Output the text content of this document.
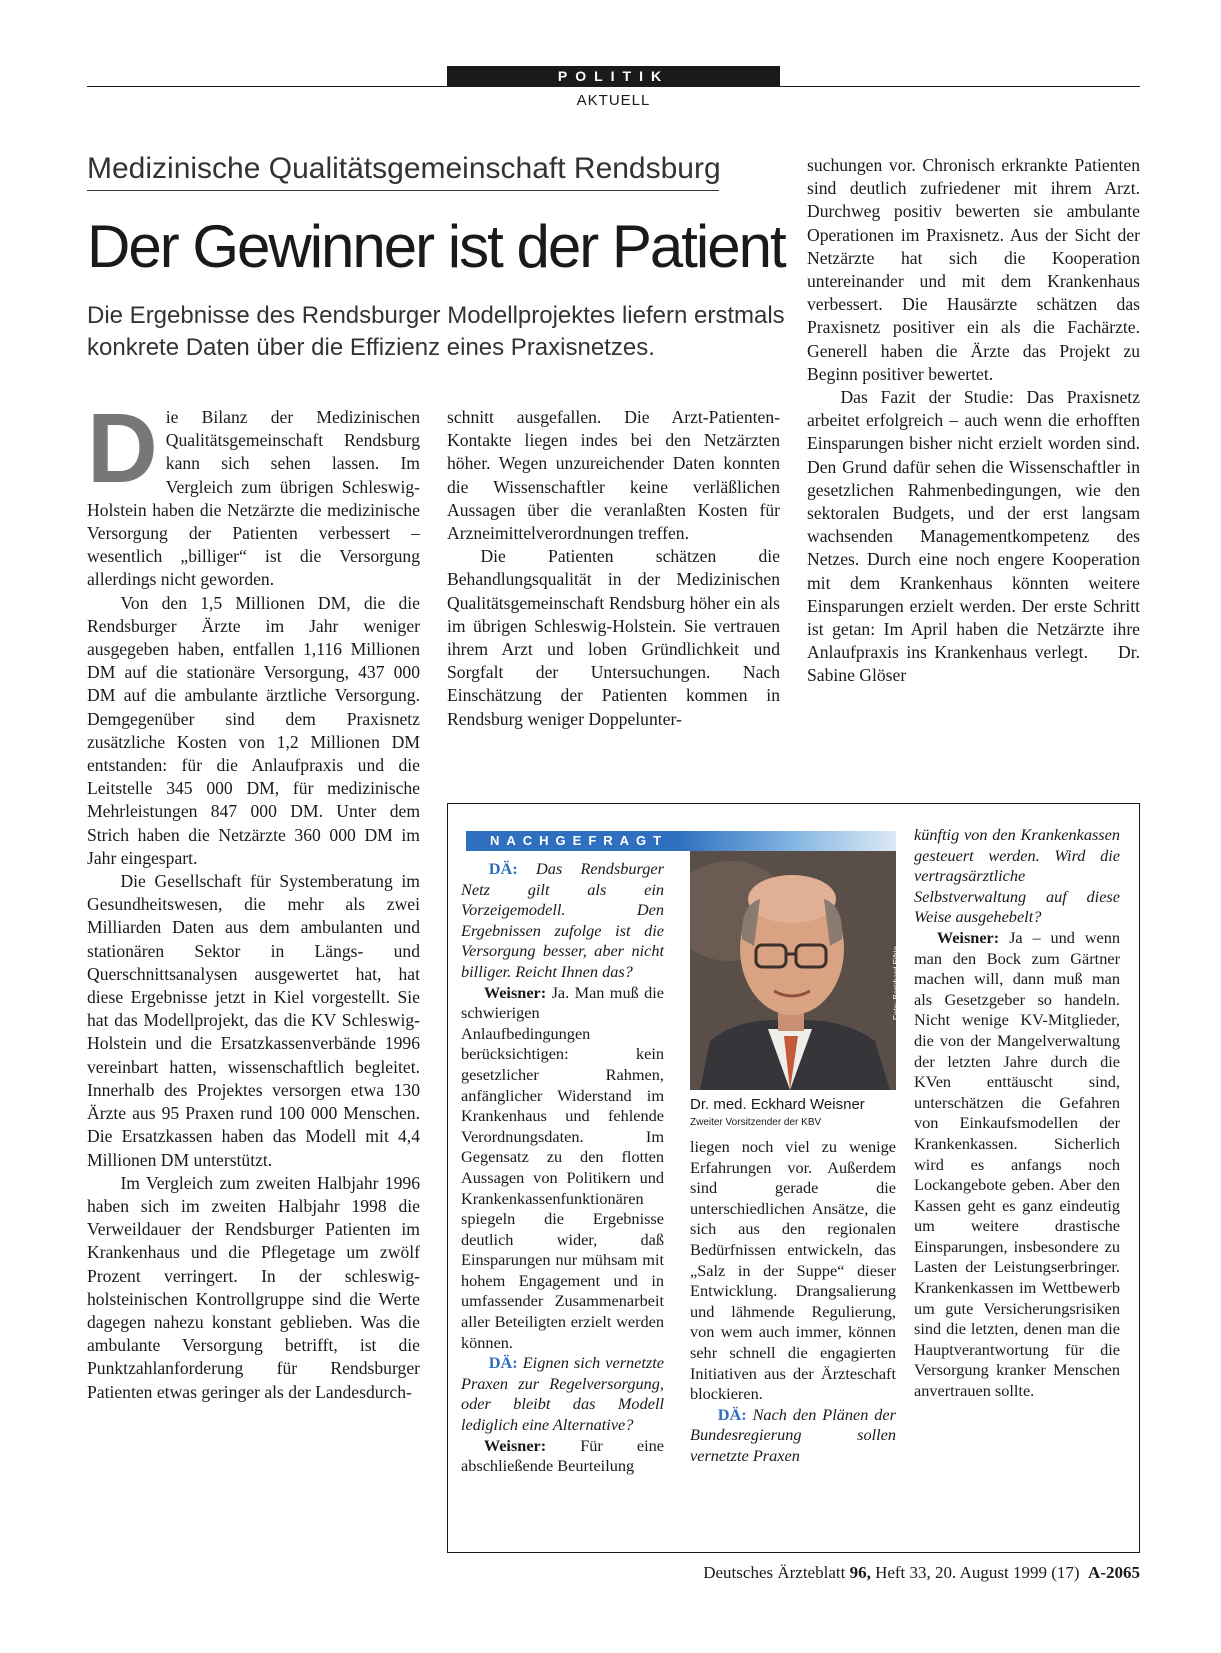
POLITIK
AKTUELL
Medizinische Qualitätsgemeinschaft Rendsburg
Der Gewinner ist der Patient
Die Ergebnisse des Rendsburger Modellprojektes liefern erstmals konkrete Daten über die Effizienz eines Praxisnetzes.

Die Bilanz der Medizinischen Qualitätsgemeinschaft Rendsburg kann sich sehen lassen. Im Vergleich zum übrigen Schleswig-Holstein haben die Netzärzte die medizinische Versorgung der Patienten verbessert – wesentlich „billiger“ ist die Versorgung allerdings nicht geworden.

Von den 1,5 Millionen DM, die die Rendsburger Ärzte im Jahr weniger ausgegeben haben, entfallen 1,116 Millionen DM auf die stationäre Versorgung, 437 000 DM auf die ambulante ärztliche Versorgung. Demgegenüber sind dem Praxisnetz zusätzliche Kosten von 1,2 Millionen DM entstanden: für die Anlaufpraxis und die Leitstelle 345 000 DM, für medizinische Mehrleistungen 847 000 DM. Unter dem Strich haben die Netzärzte 360 000 DM im Jahr eingespart.

Die Gesellschaft für Systemberatung im Gesundheitswesen, die mehr als zwei Milliarden Daten aus dem ambulanten und stationären Sektor in Längs- und Querschnittsanalysen ausgewertet hat, hat diese Ergebnisse jetzt in Kiel vorgestellt. Sie hat das Modellprojekt, das die KV Schleswig-Holstein und die Ersatzkassenverbände 1996 vereinbart hatten, wissenschaftlich begleitet. Innerhalb des Projektes versorgen etwa 130 Ärzte aus 95 Praxen rund 100 000 Menschen. Die Ersatzkassen haben das Modell mit 4,4 Millionen DM unterstützt.

Im Vergleich zum zweiten Halbjahr 1996 haben sich im zweiten Halbjahr 1998 die Verweildauer der Rendsburger Patienten im Krankenhaus und die Pflegetage um zwölf Prozent verringert. In der schleswig-holsteinischen Kontrollgruppe sind die Werte dagegen nahezu konstant geblieben. Was die ambulante Versorgung betrifft, ist die Punktzahlanforderung für Rendsburger Patienten etwas geringer als der Landesdurch-

schnitt ausgefallen. Die Arzt-Patienten-Kontakte liegen indes bei den Netzärzten höher. Wegen unzureichender Daten konnten die Wissenschaftler keine verläßlichen Aussagen über die veranlaßten Kosten für Arzneimittelverordnungen treffen.

Die Patienten schätzen die Behandlungsqualität in der Medizinischen Qualitätsgemeinschaft Rendsburg höher ein als im übrigen Schleswig-Holstein. Sie vertrauen ihrem Arzt und loben Gründlichkeit und Sorgfalt der Untersuchungen. Nach Einschätzung der Patienten kommen in Rendsburg weniger Doppelunter-

suchungen vor. Chronisch erkrankte Patienten sind deutlich zufriedener mit ihrem Arzt. Durchweg positiv bewerten sie ambulante Operationen im Praxisnetz. Aus der Sicht der Netzärzte hat sich die Kooperation untereinander und mit dem Krankenhaus verbessert. Die Hausärzte schätzen das Praxisnetz positiver ein als die Fachärzte. Generell haben die Ärzte das Projekt zu Beginn positiver bewertet.

Das Fazit der Studie: Das Praxisnetz arbeitet erfolgreich – auch wenn die erhofften Einsparungen bisher nicht erzielt worden sind. Den Grund dafür sehen die Wissenschaftler in gesetzlichen Rahmenbedingungen, wie den sektoralen Budgets, und der erst langsam wachsenden Managementkompetenz des Netzes. Durch eine noch engere Kooperation mit dem Krankenhaus könnten weitere Einsparungen erzielt werden. Der erste Schritt ist getan: Im April haben die Netzärzte ihre Anlaufpraxis ins Krankenhaus verlegt. Dr. Sabine Glöser

NACHGEFRAGT
Foto: Bernhard Eifrig
Dr. med. Eckhard Weisner
Zweiter Vorsitzender der KBV

DÄ: Das Rendsburger Netz gilt als ein Vorzeigemodell. Den Ergebnissen zufolge ist die Versorgung besser, aber nicht billiger. Reicht Ihnen das?

Weisner: Ja. Man muß die schwierigen Anlaufbedingungen berücksichtigen: kein gesetzlicher Rahmen, anfänglicher Widerstand im Krankenhaus und fehlende Verordnungsdaten. Im Gegensatz zu den flotten Aussagen von Politikern und Krankenkassenfunktionären spiegeln die Ergebnisse deutlich wider, daß Einsparungen nur mühsam mit hohem Engagement und in umfassender Zusammenarbeit aller Beteiligten erzielt werden können.

DÄ: Eignen sich vernetzte Praxen zur Regelversorgung, oder bleibt das Modell lediglich eine Alternative?

Weisner: Für eine abschließende Beurteilung

liegen noch viel zu wenige Erfahrungen vor. Außerdem sind gerade die unterschiedlichen Ansätze, die sich aus den regionalen Bedürfnissen entwickeln, das „Salz in der Suppe“ dieser Entwicklung. Drangsalierung und lähmende Regulierung, von wem auch immer, können sehr schnell die engagierten Initiativen aus der Ärzteschaft blockieren.

DÄ: Nach den Plänen der Bundesregierung sollen vernetzte Praxen

künftig von den Krankenkassen gesteuert werden. Wird die vertragsärztliche Selbstverwaltung auf diese Weise ausgehebelt?

Weisner: Ja – und wenn man den Bock zum Gärtner machen will, dann muß man als Gesetzgeber so handeln. Nicht wenige KV-Mitglieder, die von der Mangelverwaltung der letzten Jahre durch die KVen enttäuscht sind, unterschätzen die Gefahren von Einkaufsmodellen der Krankenkassen. Sicherlich wird es anfangs noch Lockangebote geben. Aber den Kassen geht es ganz eindeutig um weitere drastische Einsparungen, insbesondere zu Lasten der Leistungserbringer. Krankenkassen im Wettbewerb um gute Versicherungsrisiken sind die letzten, denen man die Hauptverantwortung für die Versorgung kranker Menschen anvertrauen sollte.

Deutsches Ärzteblatt 96, Heft 33, 20. August 1999 (17) A-2065
